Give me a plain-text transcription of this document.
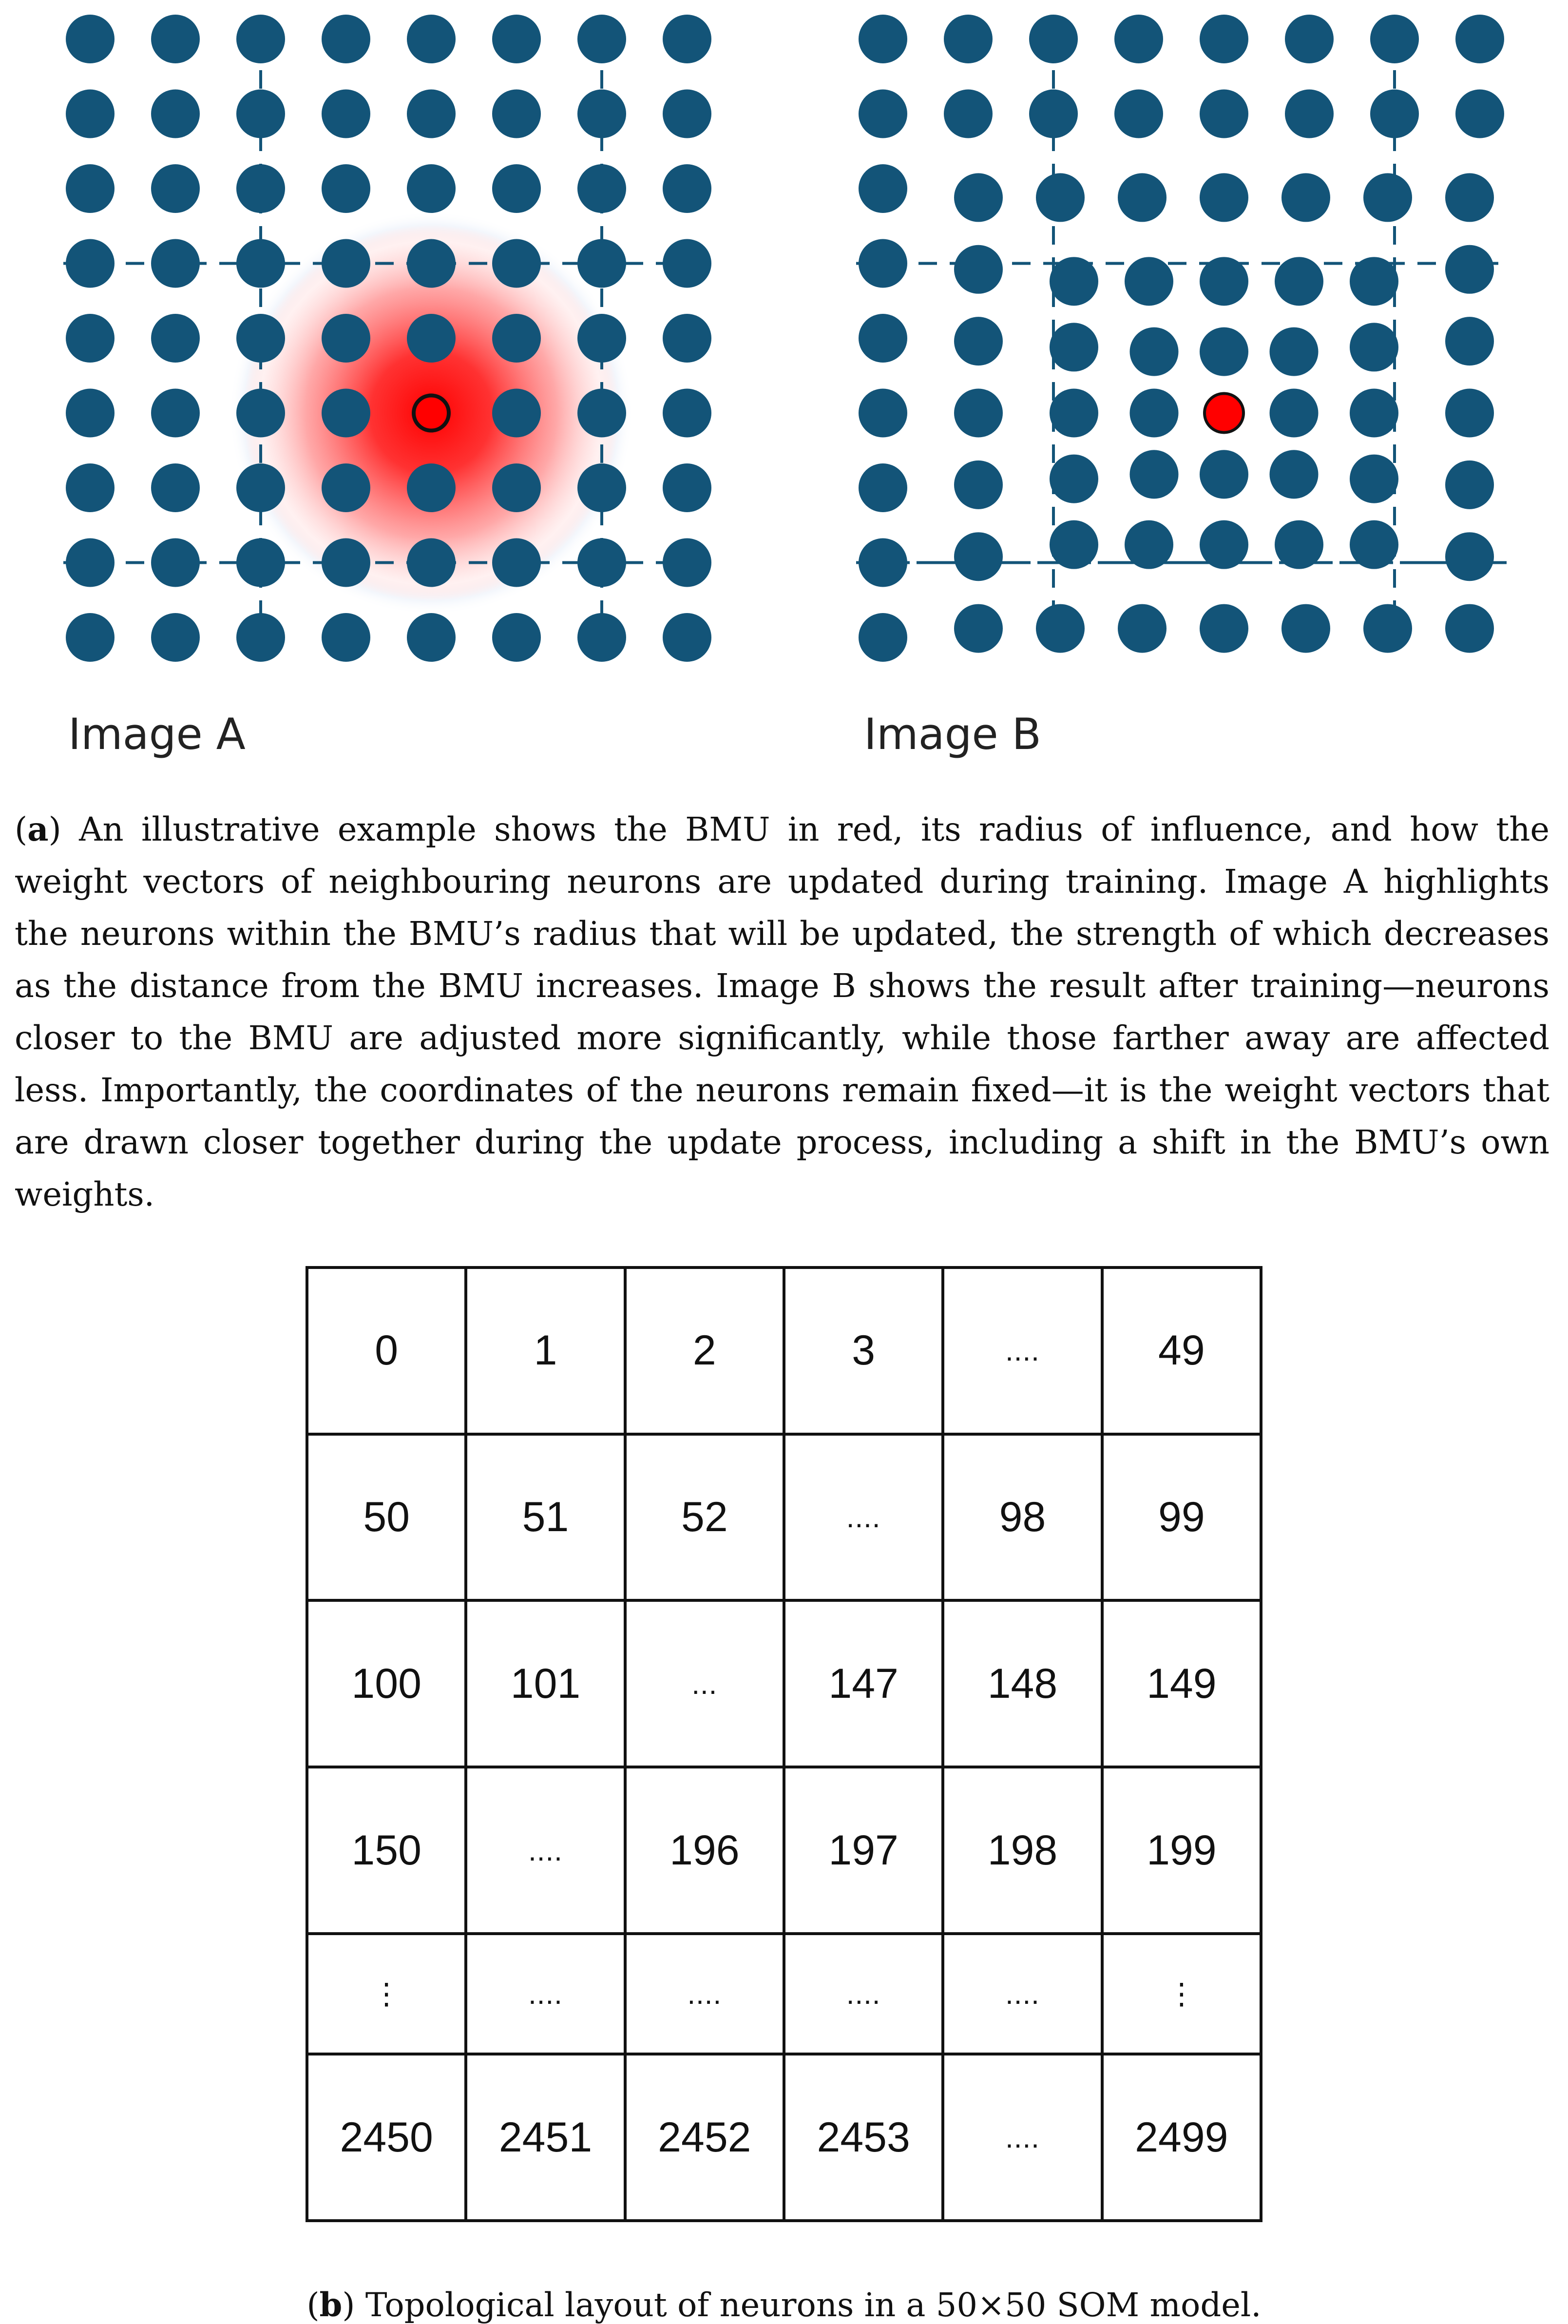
Image A	Image B

(a) An illustrative example shows the BMU in red, its radius of influence, and how the weight vectors of neighbouring neurons are updated during training. Image A highlights the neurons within the BMU’s radius that will be updated, the strength of which decreases as the distance from the BMU increases. Image B shows the result after training—neurons closer to the BMU are adjusted more significantly, while those farther away are affected less. Importantly, the coordinates of the neurons remain fixed—it is the weight vectors that are drawn closer together during the update process, including a shift in the BMU’s own weights.

0	1	2	3	....	49
50	51	52	....	98	99
100	101	...	147	148	149
150	....	196	197	198	199
⋮	....	....	....	....	⋮
2450	2451	2452	2453	....	2499

(b) Topological layout of neurons in a 50×50 SOM model.
